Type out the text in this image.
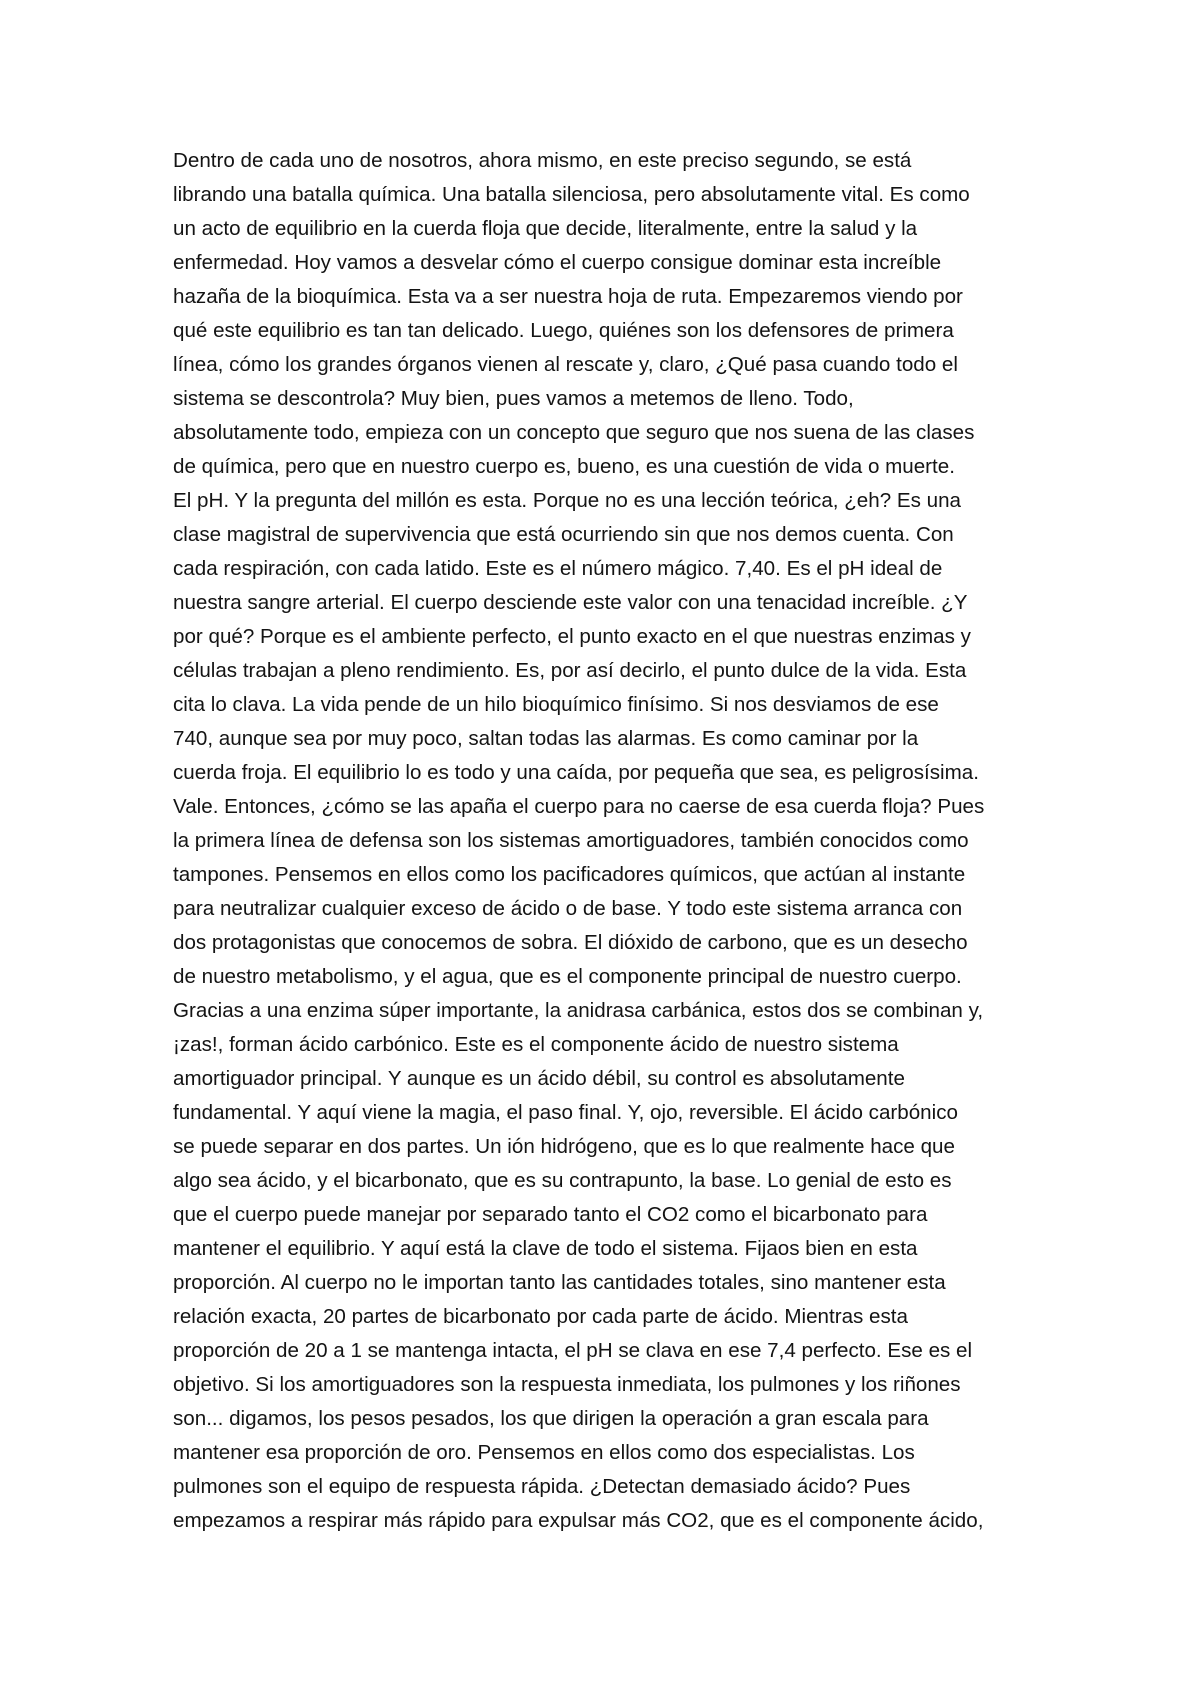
Dentro de cada uno de nosotros, ahora mismo, en este preciso segundo, se está
librando una batalla química. Una batalla silenciosa, pero absolutamente vital. Es como
un acto de equilibrio en la cuerda floja que decide, literalmente, entre la salud y la
enfermedad. Hoy vamos a desvelar cómo el cuerpo consigue dominar esta increíble
hazaña de la bioquímica. Esta va a ser nuestra hoja de ruta. Empezaremos viendo por
qué este equilibrio es tan tan delicado. Luego, quiénes son los defensores de primera
línea, cómo los grandes órganos vienen al rescate y, claro, ¿Qué pasa cuando todo el
sistema se descontrola? Muy bien, pues vamos a metemos de lleno. Todo,
absolutamente todo, empieza con un concepto que seguro que nos suena de las clases
de química, pero que en nuestro cuerpo es, bueno, es una cuestión de vida o muerte.
El pH. Y la pregunta del millón es esta. Porque no es una lección teórica, ¿eh? Es una
clase magistral de supervivencia que está ocurriendo sin que nos demos cuenta. Con
cada respiración, con cada latido. Este es el número mágico. 7,40. Es el pH ideal de
nuestra sangre arterial. El cuerpo desciende este valor con una tenacidad increíble. ¿Y
por qué? Porque es el ambiente perfecto, el punto exacto en el que nuestras enzimas y
células trabajan a pleno rendimiento. Es, por así decirlo, el punto dulce de la vida. Esta
cita lo clava. La vida pende de un hilo bioquímico finísimo. Si nos desviamos de ese
740, aunque sea por muy poco, saltan todas las alarmas. Es como caminar por la
cuerda froja. El equilibrio lo es todo y una caída, por pequeña que sea, es peligrosísima.
Vale. Entonces, ¿cómo se las apaña el cuerpo para no caerse de esa cuerda floja? Pues
la primera línea de defensa son los sistemas amortiguadores, también conocidos como
tampones. Pensemos en ellos como los pacificadores químicos, que actúan al instante
para neutralizar cualquier exceso de ácido o de base. Y todo este sistema arranca con
dos protagonistas que conocemos de sobra. El dióxido de carbono, que es un desecho
de nuestro metabolismo, y el agua, que es el componente principal de nuestro cuerpo.
Gracias a una enzima súper importante, la anidrasa carbánica, estos dos se combinan y,
¡zas!, forman ácido carbónico. Este es el componente ácido de nuestro sistema
amortiguador principal. Y aunque es un ácido débil, su control es absolutamente
fundamental. Y aquí viene la magia, el paso final. Y, ojo, reversible. El ácido carbónico
se puede separar en dos partes. Un ión hidrógeno, que es lo que realmente hace que
algo sea ácido, y el bicarbonato, que es su contrapunto, la base. Lo genial de esto es
que el cuerpo puede manejar por separado tanto el CO2 como el bicarbonato para
mantener el equilibrio. Y aquí está la clave de todo el sistema. Fijaos bien en esta
proporción. Al cuerpo no le importan tanto las cantidades totales, sino mantener esta
relación exacta, 20 partes de bicarbonato por cada parte de ácido. Mientras esta
proporción de 20 a 1 se mantenga intacta, el pH se clava en ese 7,4 perfecto. Ese es el
objetivo. Si los amortiguadores son la respuesta inmediata, los pulmones y los riñones
son... digamos, los pesos pesados, los que dirigen la operación a gran escala para
mantener esa proporción de oro. Pensemos en ellos como dos especialistas. Los
pulmones son el equipo de respuesta rápida. ¿Detectan demasiado ácido? Pues
empezamos a respirar más rápido para expulsar más CO2, que es el componente ácido,
